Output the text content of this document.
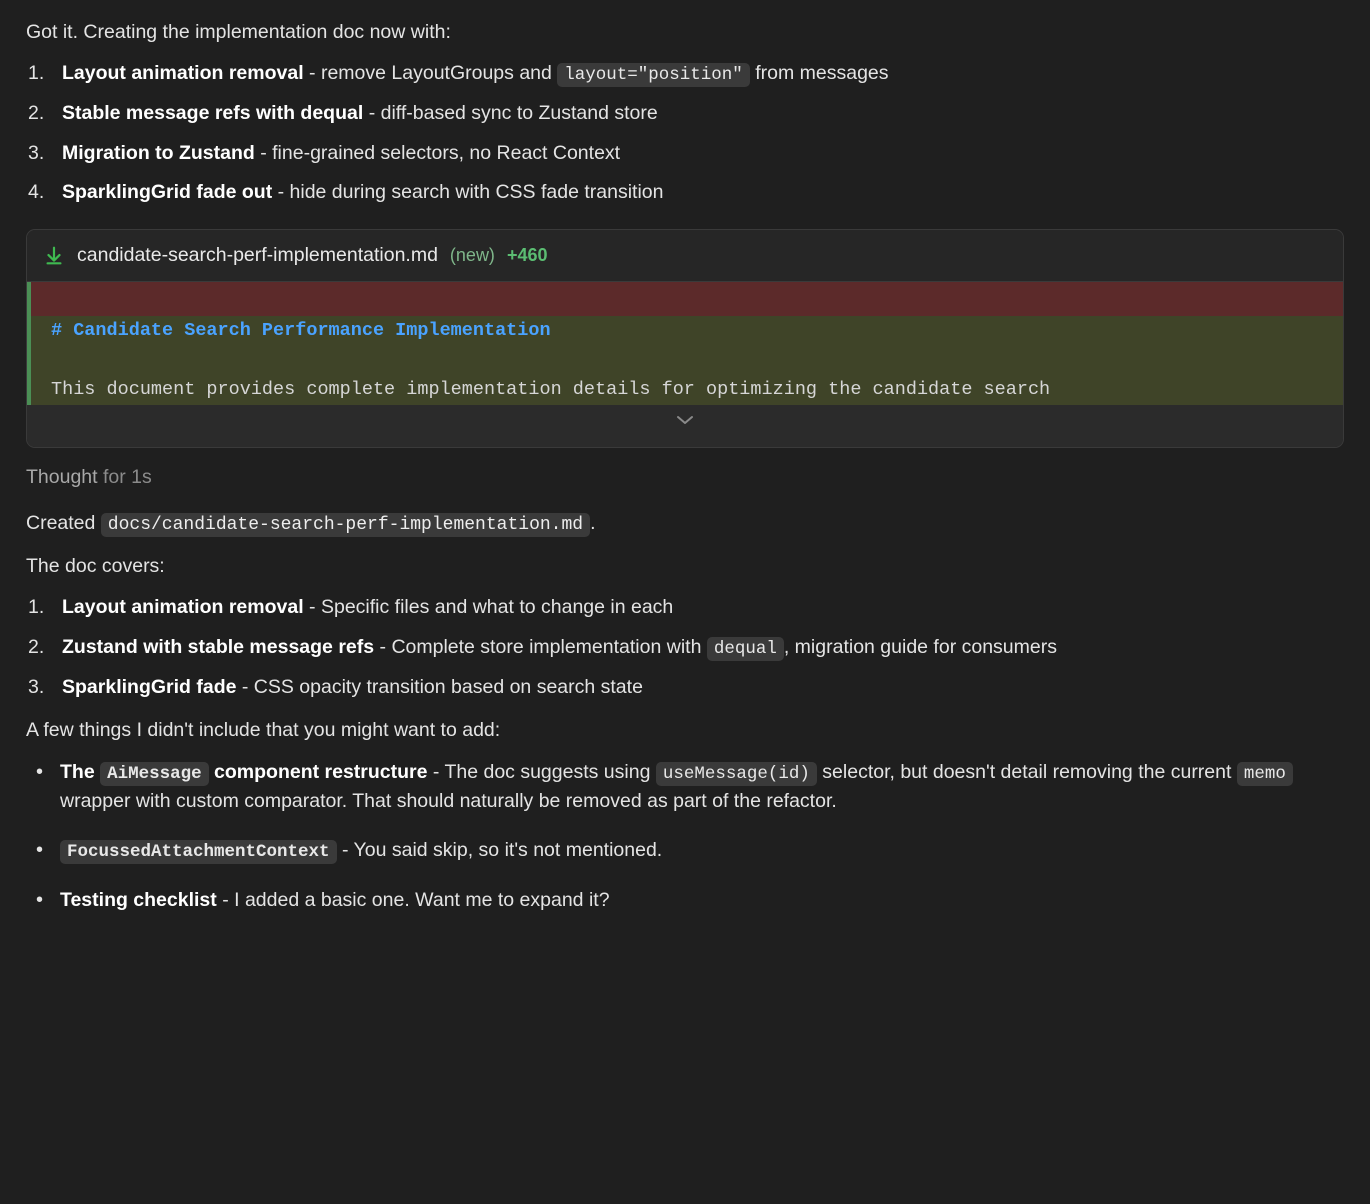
Got it. Creating the implementation doc now with:

Layout animation removal - remove LayoutGroups and layout="position" from messages
Stable message refs with dequal - diff-based sync to Zustand store
Migration to Zustand - fine-grained selectors, no React Context
SparklingGrid fade out - hide during search with CSS fade transition
candidate-search-perf-implementation.md (new) +460
# Candidate Search Performance Implementation

This document provides complete implementation details for optimizing the candidate search
Thought for 1s

Created docs/candidate-search-perf-implementation.md .

The doc covers:

Layout animation removal - Specific files and what to change in each
Zustand with stable message refs - Complete store implementation with dequal , migration guide for consumers
SparklingGrid fade - CSS opacity transition based on search state

A few things I didn't include that you might want to add:

• The AiMessage component restructure - The doc suggests using useMessage(id) selector, but doesn't detail removing the current memo wrapper with custom comparator. That should naturally be removed as part of the refactor.
• FocussedAttachmentContext - You said skip, so it's not mentioned.
• Testing checklist - I added a basic one. Want me to expand it?
